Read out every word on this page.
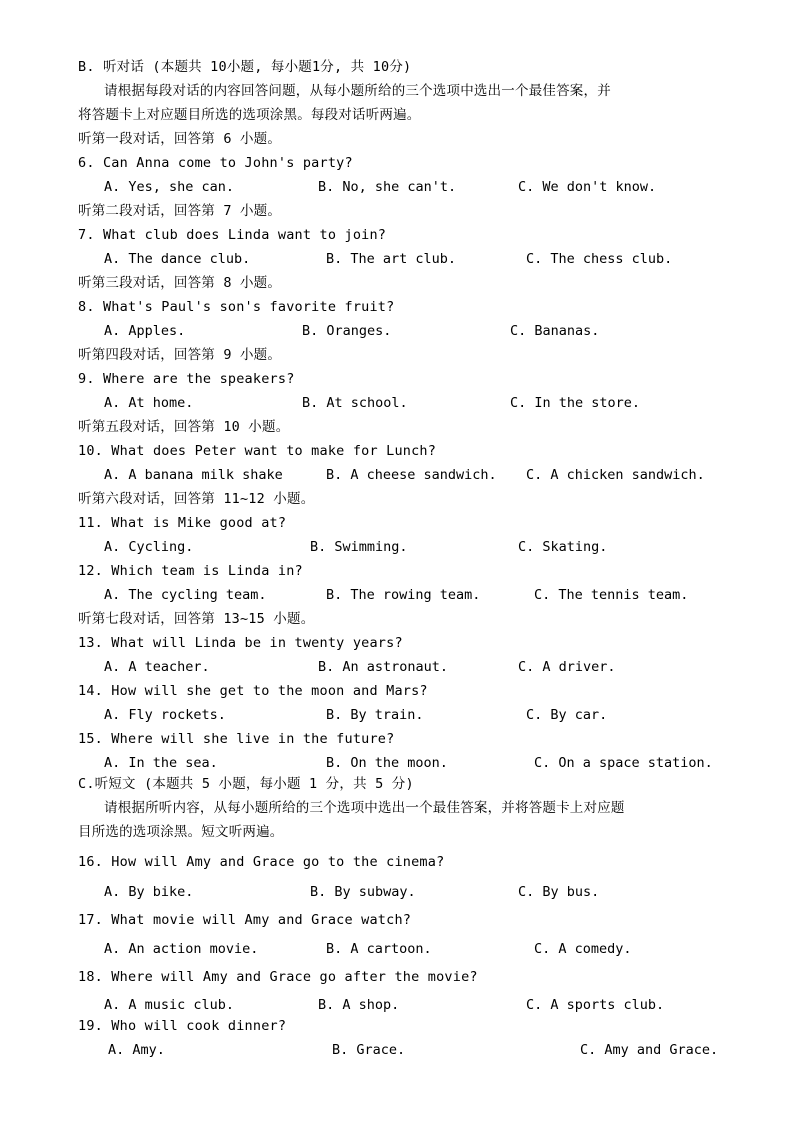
B. 听对话 (本题共 10小题, 每小题1分, 共 10分)
请根据每段对话的内容回答问题，从每小题所给的三个选项中选出一个最佳答案，并
将答题卡上对应题目所选的选项涂黑。每段对话听两遍。
听第一段对话，回答第 6 小题。
6. Can Anna come to John's party?
A. Yes, she can.	B. No, she can't.	C. We don't know.
听第二段对话，回答第 7 小题。
7. What club does Linda want to join?
A. The dance club.	B. The art club.	C. The chess club.
听第三段对话，回答第 8 小题。
8. What's Paul's son's favorite fruit?
A. Apples.	B. Oranges.	C. Bananas.
听第四段对话，回答第 9 小题。
9. Where are the speakers?
A. At home.	B. At school.	C. In the store.
听第五段对话，回答第 10 小题。
10. What does Peter want to make for Lunch?
A. A banana milk shake	B. A cheese sandwich. C. A chicken sandwich.
听第六段对话，回答第 11~12 小题。
11. What is Mike good at?
A. Cycling.	B. Swimming.	C. Skating.
12. Which team is Linda in?
A. The cycling team.	B. The rowing team.	C. The tennis team.
听第七段对话，回答第 13~15 小题。
13. What will Linda be in twenty years?
A. A teacher.	B. An astronaut.	C. A driver.
14. How will she get to the moon and Mars?
A. Fly rockets.	B. By train.	C. By car.
15. Where will she live in the future?
A. In the sea.	B. On the moon.	C. On a space station.
C.听短文 (本题共 5 小题，每小题 1 分，共 5 分)
请根据所听内容，从每小题所给的三个选项中选出一个最佳答案，并将答题卡上对应题
目所选的选项涂黑。短文听两遍。
16. How will Amy and Grace go to the cinema?
A. By bike.	B. By subway.	C. By bus.
17. What movie will Amy and Grace watch?
A. An action movie.	B. A cartoon.	C. A comedy.
18. Where will Amy and Grace go after the movie?
A. A music club.	B. A shop.	C. A sports club.
19. Who will cook dinner?
A. Amy.	B. Grace.	C. Amy and Grace.
